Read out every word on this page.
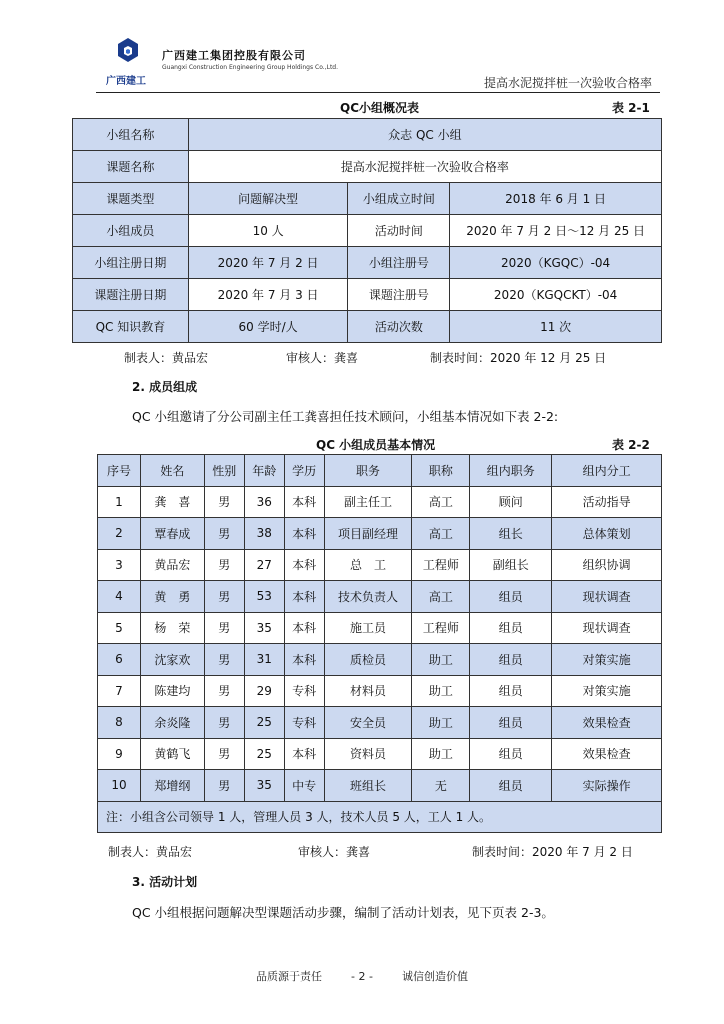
广西建工
广西建工集团控股有限公司
Guangxi Construction Engineering Group Holdings Co.,Ltd.
提高水泥搅拌桩一次验收合格率
QC小组概况表	表 2-1
小组名称	众志 QC 小组		
课题名称	提高水泥搅拌桩一次验收合格率		
课题类型	问题解决型	小组成立时间	2018 年 6 月 1 日
小组成员	10 人	活动时间	2020 年 7 月 2 日～12 月 25 日
小组注册日期	2020 年 7 月 2 日	小组注册号	2020（KGQC）-04
课题注册日期	2020 年 7 月 3 日	课题注册号	2020（KGQCKT）-04
QC 知识教育	60 学时/人	活动次数	11 次
制表人：黄品宏	审核人：龚喜	制表时间：2020 年 12 月 25 日
2. 成员组成
QC 小组邀请了分公司副主任工龚喜担任技术顾问，小组基本情况如下表 2-2:
QC 小组成员基本情况	表 2-2
序号	姓名	性别	年龄	学历	职务	职称	组内职务	组内分工
1	龚　喜	男	36	本科	副主任工	高工	顾问	活动指导
2	覃春成	男	38	本科	项目副经理	高工	组长	总体策划
3	黄品宏	男	27	本科	总　工	工程师	副组长	组织协调
4	黄　勇	男	53	本科	技术负责人	高工	组员	现状调查
5	杨　荣	男	35	本科	施工员	工程师	组员	现状调查
6	沈家欢	男	31	本科	质检员	助工	组员	对策实施
7	陈建均	男	29	专科	材料员	助工	组员	对策实施
8	余炎隆	男	25	专科	安全员	助工	组员	效果检查
9	黄鹤飞	男	25	本科	资料员	助工	组员	效果检查
10	郑增纲	男	35	中专	班组长	无	组员	实际操作
注：小组含公司领导 1 人，管理人员 3 人，技术人员 5 人，工人 1 人。								
制表人：黄品宏	审核人：龚喜	制表时间：2020 年 7 月 2 日
3. 活动计划
QC 小组根据问题解决型课题活动步骤，编制了活动计划表，见下页表 2-3。
品质源于责任	- 2 -	诚信创造价值
